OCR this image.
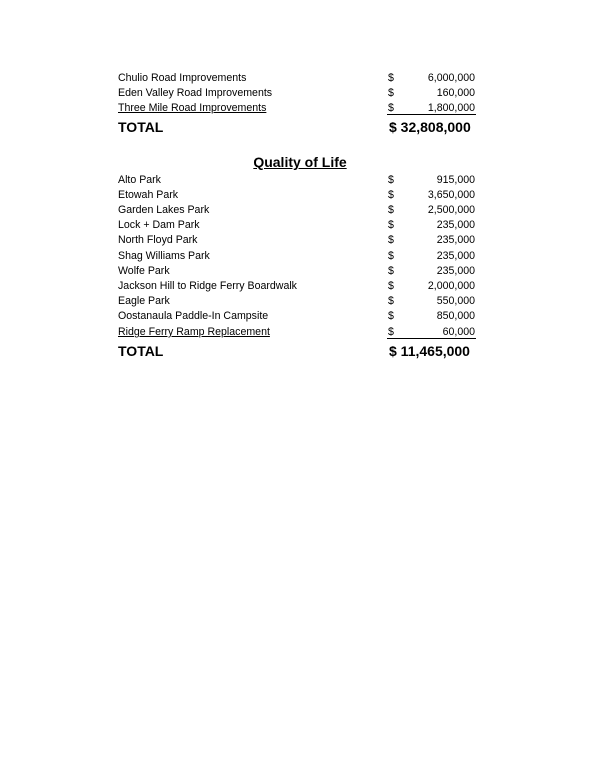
Chulio Road Improvements	$	6,000,000
Eden Valley Road Improvements	$	160,000
Three Mile Road Improvements	$	1,800,000
TOTAL	$ 32,808,000
Quality of Life
Alto Park	$	915,000
Etowah Park	$	3,650,000
Garden Lakes Park	$	2,500,000
Lock + Dam Park	$	235,000
North Floyd Park	$	235,000
Shag Williams Park	$	235,000
Wolfe Park	$	235,000
Jackson Hill to Ridge Ferry Boardwalk	$	2,000,000
Eagle Park	$	550,000
Oostanaula Paddle-In Campsite	$	850,000
Ridge Ferry Ramp Replacement	$	60,000
TOTAL	$ 11,465,000
